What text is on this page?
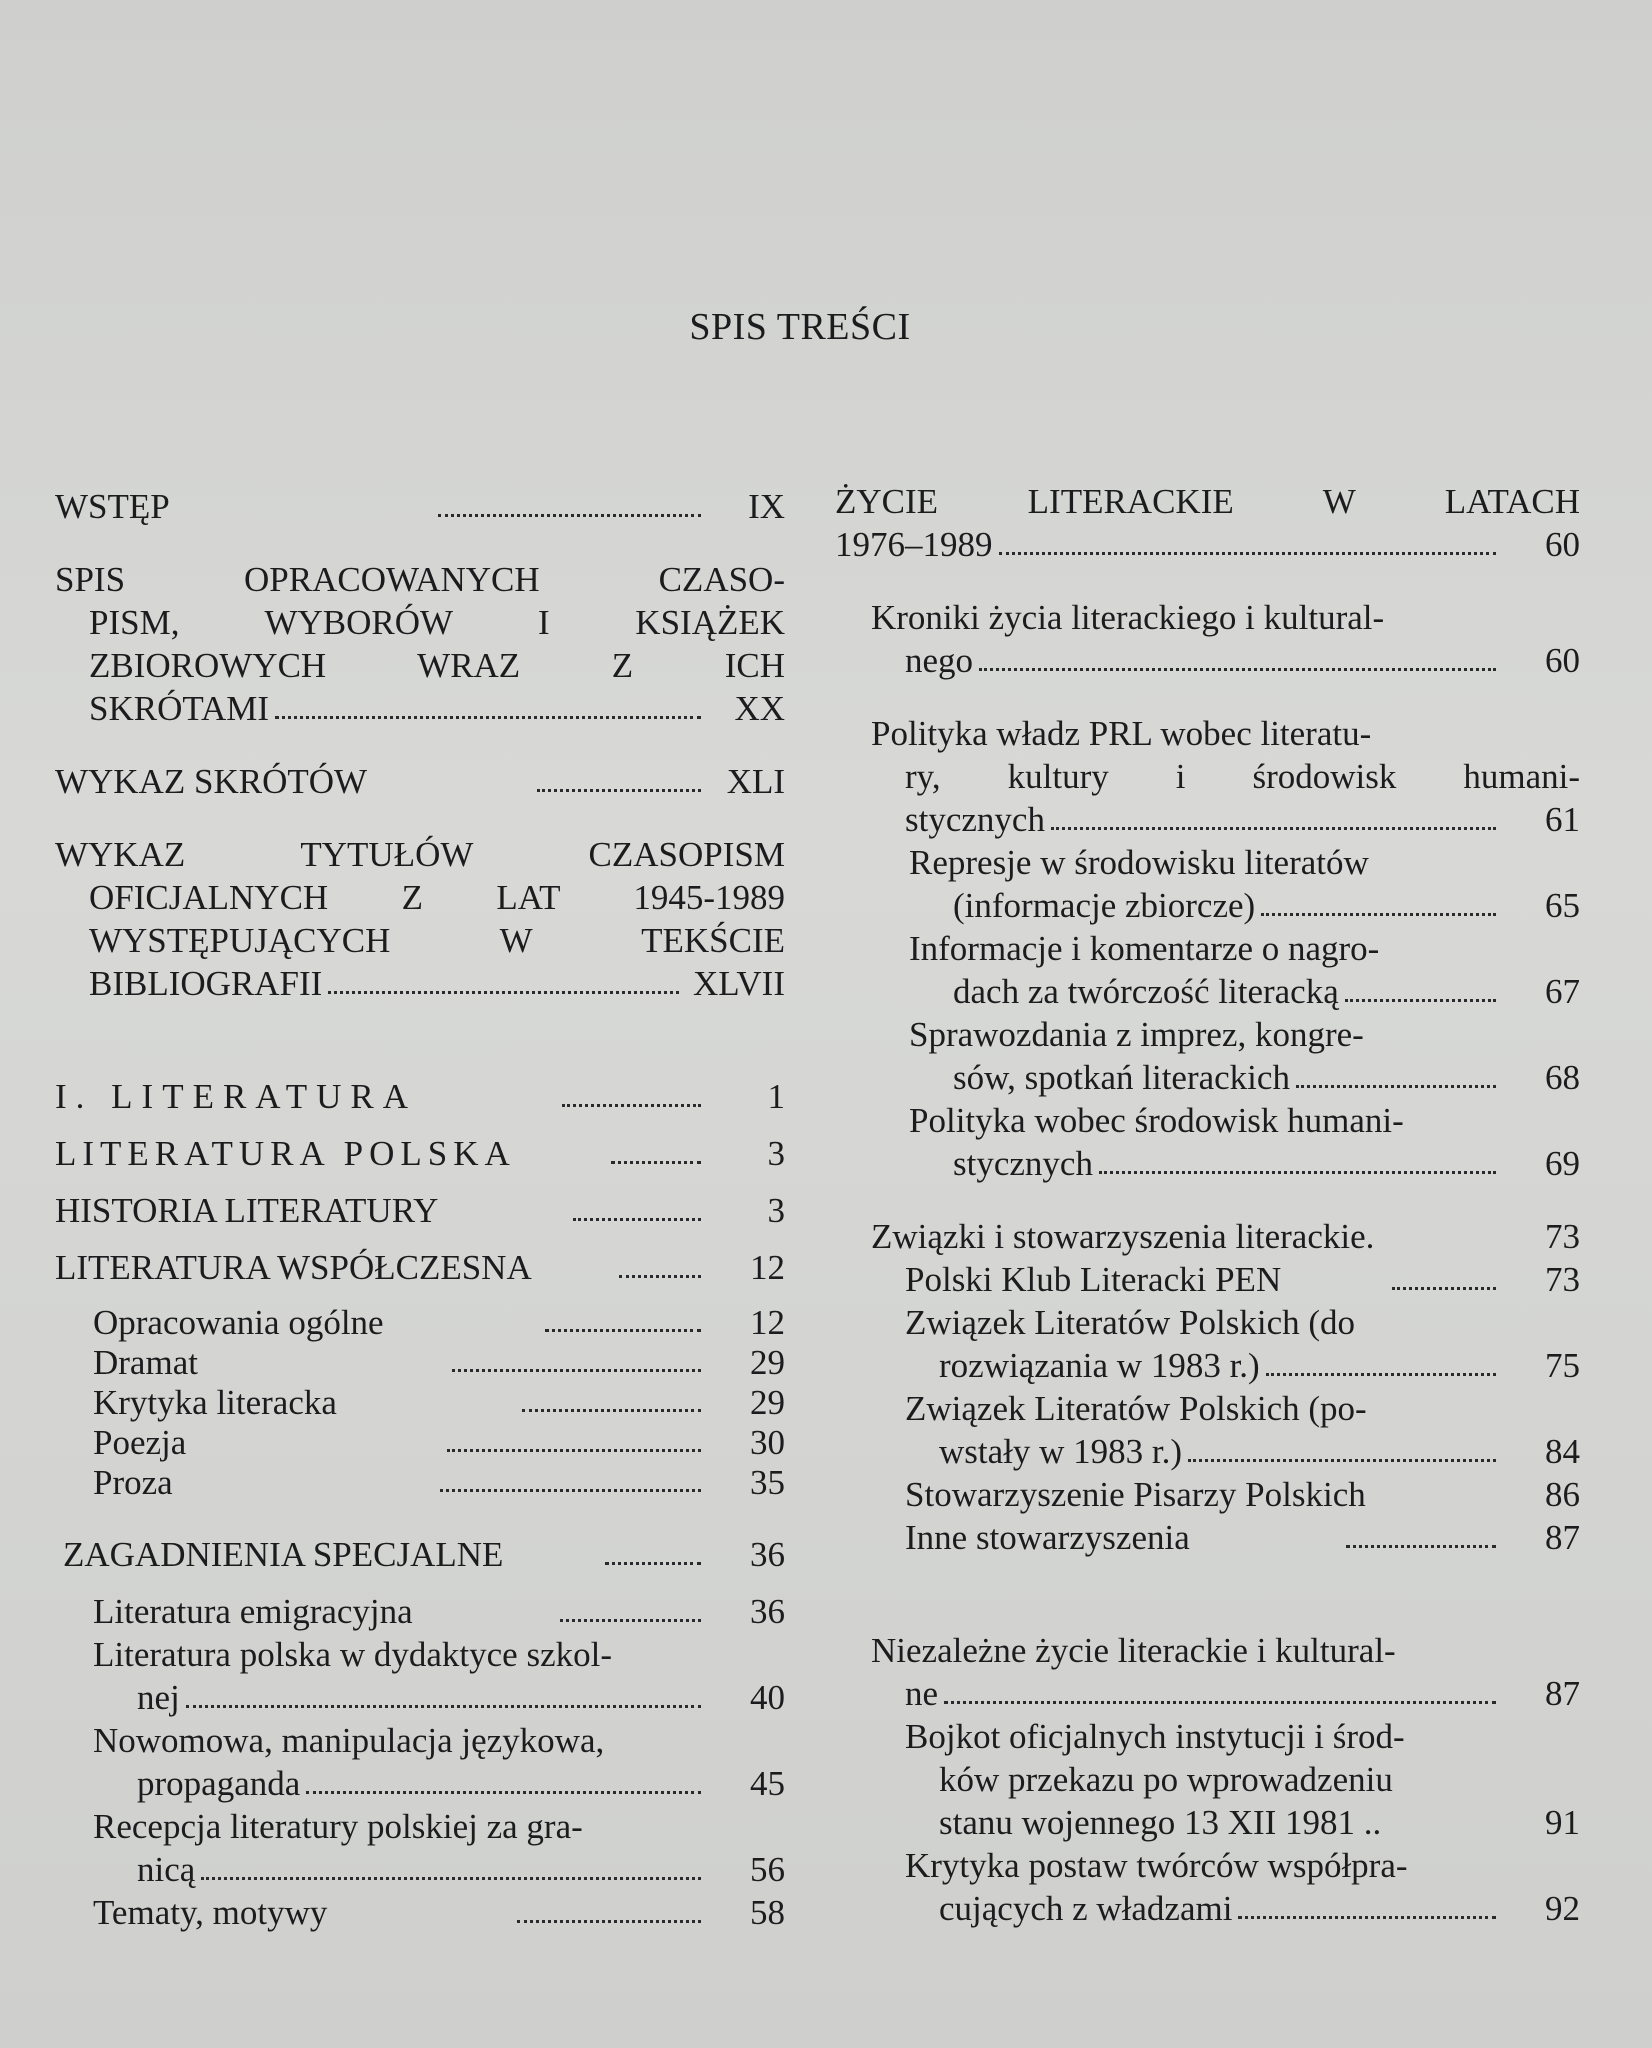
SPIS TREŚCI
WSTĘP	IX
SPIS OPRACOWANYCH CZASO-
PISM, WYBORÓW I KSIĄŻEK
ZBIOROWYCH WRAZ Z ICH
SKRÓTAMI	XX
WYKAZ SKRÓTÓW	XLI
WYKAZ TYTUŁÓW CZASOPISM
OFICJALNYCH Z LAT 1945-1989
WYSTĘPUJĄCYCH W TEKŚCIE
BIBLIOGRAFII	XLVII
I. LITERATURA	1
LITERATURA POLSKA	3
HISTORIA LITERATURY	3
LITERATURA WSPÓŁCZESNA	12
Opracowania ogólne	12
Dramat	29
Krytyka literacka	29
Poezja	30
Proza	35
ZAGADNIENIA SPECJALNE	36
Literatura emigracyjna	36
Literatura polska w dydaktyce szkol-
nej	40
Nowomowa, manipulacja językowa,
propaganda	45
Recepcja literatury polskiej za gra-
nicą	56
Tematy, motywy	58
ŻYCIE LITERACKIE W LATACH
1976–1989	60
Kroniki życia literackiego i kultural-
nego	60
Polityka władz PRL wobec literatu-
ry, kultury i środowisk humani-
stycznych	61
Represje w środowisku literatów
(informacje zbiorcze)	65
Informacje i komentarze o nagro-
dach za twórczość literacką	67
Sprawozdania z imprez, kongre-
sów, spotkań literackich	68
Polityka wobec środowisk humani-
stycznych	69
Związki i stowarzyszenia literackie.	73
Polski Klub Literacki PEN	73
Związek Literatów Polskich (do
rozwiązania w 1983 r.)	75
Związek Literatów Polskich (po-
wstały w 1983 r.)	84
Stowarzyszenie Pisarzy Polskich	86
Inne stowarzyszenia	87
Niezależne życie literackie i kultural-
ne	87
Bojkot oficjalnych instytucji i środ-
ków przekazu po wprowadzeniu
stanu wojennego 13 XII 1981 ..	91
Krytyka postaw twórców współpra-
cujących z władzami	92
